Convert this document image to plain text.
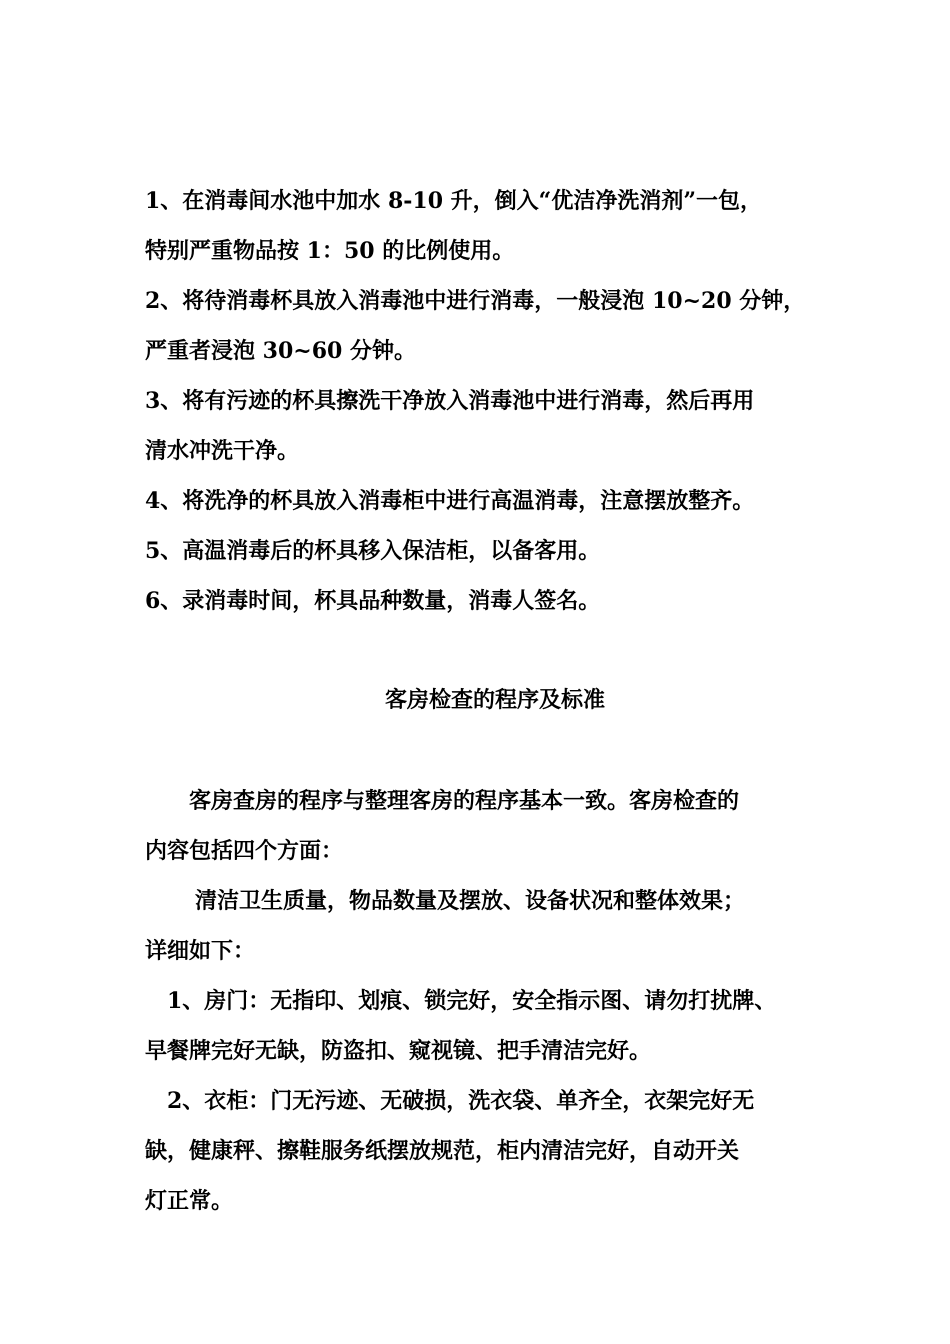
1、在消毒间水池中加水 8-10 升，倒入“优洁净洗消剂”一包，
特别严重物品按 1：50 的比例使用。
2、将待消毒杯具放入消毒池中进行消毒，一般浸泡 10~20 分钟，
严重者浸泡 30~60 分钟。
3、将有污迹的杯具擦洗干净放入消毒池中进行消毒，然后再用
清水冲洗干净。
4、将洗净的杯具放入消毒柜中进行高温消毒，注意摆放整齐。
5、高温消毒后的杯具移入保洁柜，以备客用。
6、录消毒时间，杯具品种数量，消毒人签名。
客房检查的程序及标准
客房查房的程序与整理客房的程序基本一致。客房检查的
内容包括四个方面：
清洁卫生质量，物品数量及摆放、设备状况和整体效果；
详细如下：
1、房门：无指印、划痕、锁完好，安全指示图、请勿打扰牌、
早餐牌完好无缺，防盗扣、窥视镜、把手清洁完好。
2、衣柜：门无污迹、无破损，洗衣袋、单齐全，衣架完好无
缺，健康秤、擦鞋服务纸摆放规范，柜内清洁完好，自动开关
灯正常。
